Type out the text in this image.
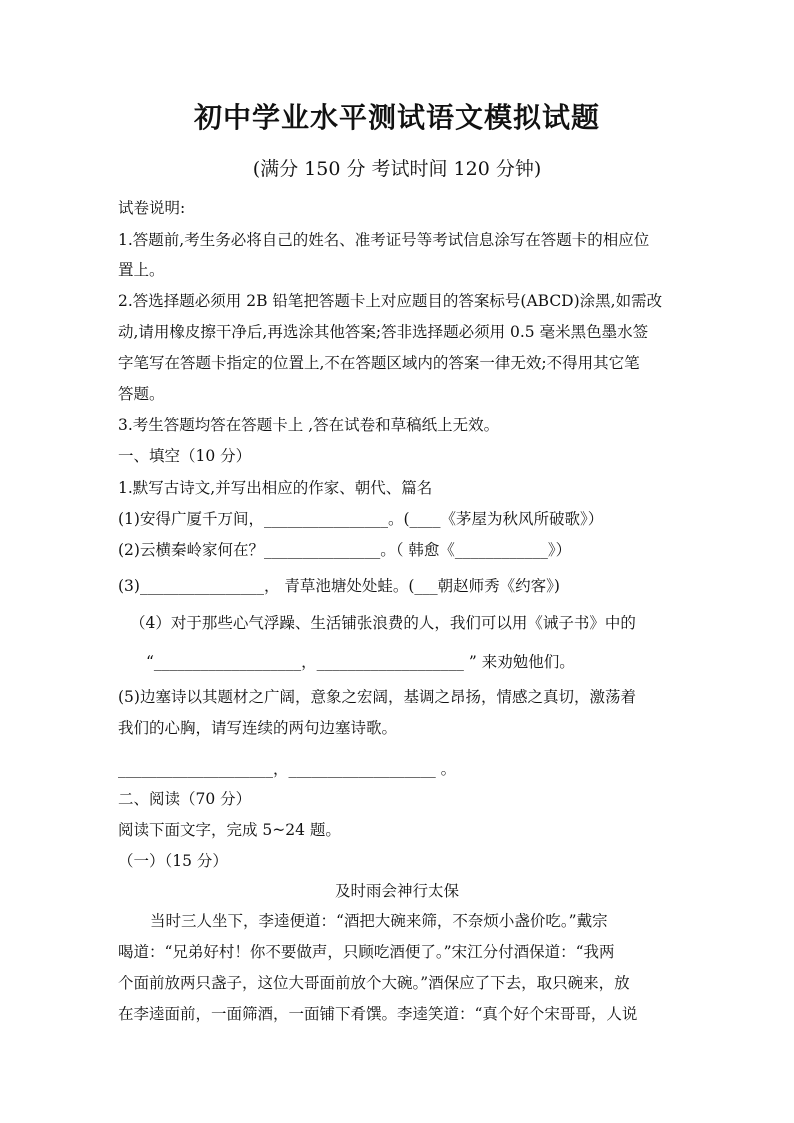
初中学业水平测试语文模拟试题
(满分 150 分 考试时间 120 分钟)
试卷说明:
1.答题前,考生务必将自己的姓名、准考证号等考试信息涂写在答题卡的相应位
置上。
2.答选择题必须用 2B 铅笔把答题卡上对应题目的答案标号(ABCD)涂黑,如需改
动,请用橡皮擦干净后,再选涂其他答案;答非选择题必须用 0.5 毫米黑色墨水签
字笔写在答题卡指定的位置上,不在答题区域内的答案一律无效;不得用其它笔
答题。
3.考生答题均答在答题卡上 ,答在试卷和草稿纸上无效。
一、填空（10 分）
1.默写古诗文,并写出相应的作家、朝代、篇名
(1)安得广厦千万间，________________。(____《茅屋为秋风所破歌》）
(2)云横秦岭家何在？_______________。（ 韩愈《____________》）
(3)________________， 青草池塘处处蛙。(___朝赵师秀《约客》)
（4）对于那些心气浮躁、生活铺张浪费的人，我们可以用《诫子书》中的
“___________________，___________________ ” 来劝勉他们。
(5)边塞诗以其题材之广阔，意象之宏阔，基调之昂扬，情感之真切，激荡着
我们的心胸，请写连续的两句边塞诗歌。
____________________，___________________ 。
二、阅读（70 分）
阅读下面文字，完成 5~24 题。
（一）（15 分）
及时雨会神行太保
当时三人坐下，李逵便道：“酒把大碗来筛，不奈烦小盏价吃。”戴宗
喝道：“兄弟好村！你不要做声，只顾吃酒便了。”宋江分付酒保道：“我两
个面前放两只盏子，这位大哥面前放个大碗。”酒保应了下去，取只碗来，放
在李逵面前，一面筛酒，一面铺下肴馔。李逵笑道：“真个好个宋哥哥，人说
